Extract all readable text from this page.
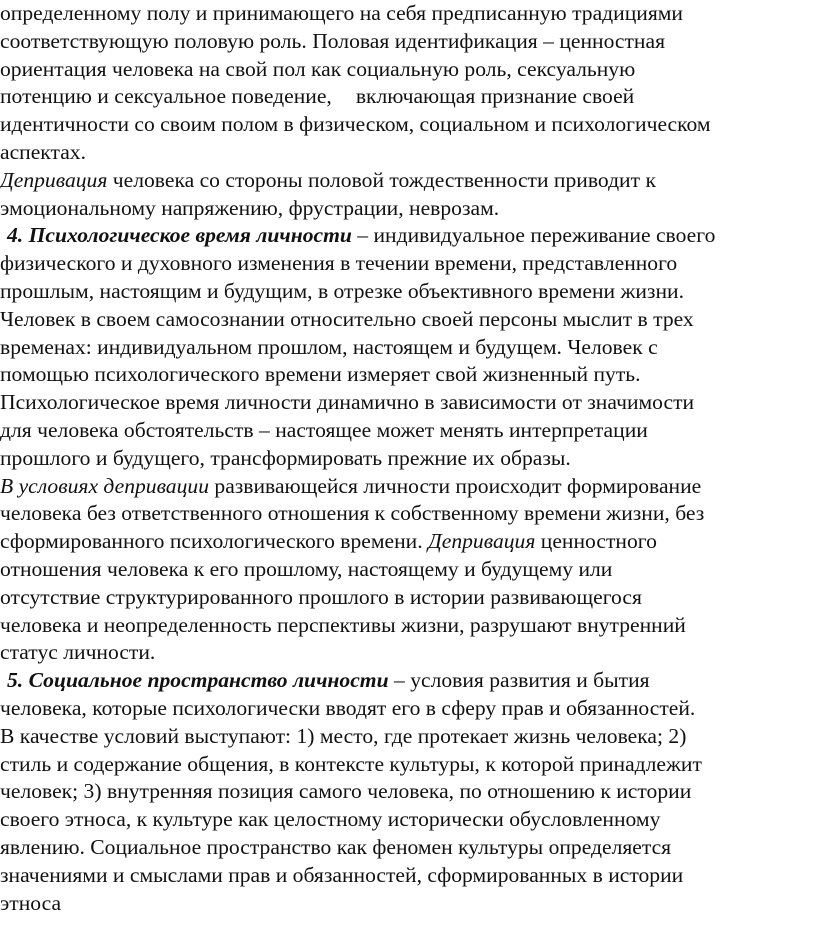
определенному полу и принимающего на себя предписанную традициями
соответствующую половую роль. Половая идентификация – ценностная
ориентация человека на свой пол как социальную роль, сексуальную
потенцию и сексуальное поведение, включающая признание своей
идентичности со своим полом в физическом, социальном и психологическом
аспектах.
Депривация человека со стороны половой тождественности приводит к
эмоциональному напряжению, фрустрации, неврозам.
4. Психологическое время личности – индивидуальное переживание своего
физического и духовного изменения в течении времени, представленного
прошлым, настоящим и будущим, в отрезке объективного времени жизни.
Человек в своем самосознании относительно своей персоны мыслит в трех
временах: индивидуальном прошлом, настоящем и будущем. Человек с
помощью психологического времени измеряет свой жизненный путь.
Психологическое время личности динамично в зависимости от значимости
для человека обстоятельств – настоящее может менять интерпретации
прошлого и будущего, трансформировать прежние их образы.
В условиях депривации развивающейся личности происходит формирование
человека без ответственного отношения к собственному времени жизни, без
сформированного психологического времени. Депривация ценностного
отношения человека к его прошлому, настоящему и будущему или
отсутствие структурированного прошлого в истории развивающегося
человека и неопределенность перспективы жизни, разрушают внутренний
статус личности.
5. Социальное пространство личности – условия развития и бытия
человека, которые психологически вводят его в сферу прав и обязанностей.
В качестве условий выступают: 1) место, где протекает жизнь человека; 2)
стиль и содержание общения, в контексте культуры, к которой принадлежит
человек; 3) внутренняя позиция самого человека, по отношению к истории
своего этноса, к культуре как целостному исторически обусловленному
явлению. Социальное пространство как феномен культуры определяется
значениями и смыслами прав и обязанностей, сформированных в истории
этноса
